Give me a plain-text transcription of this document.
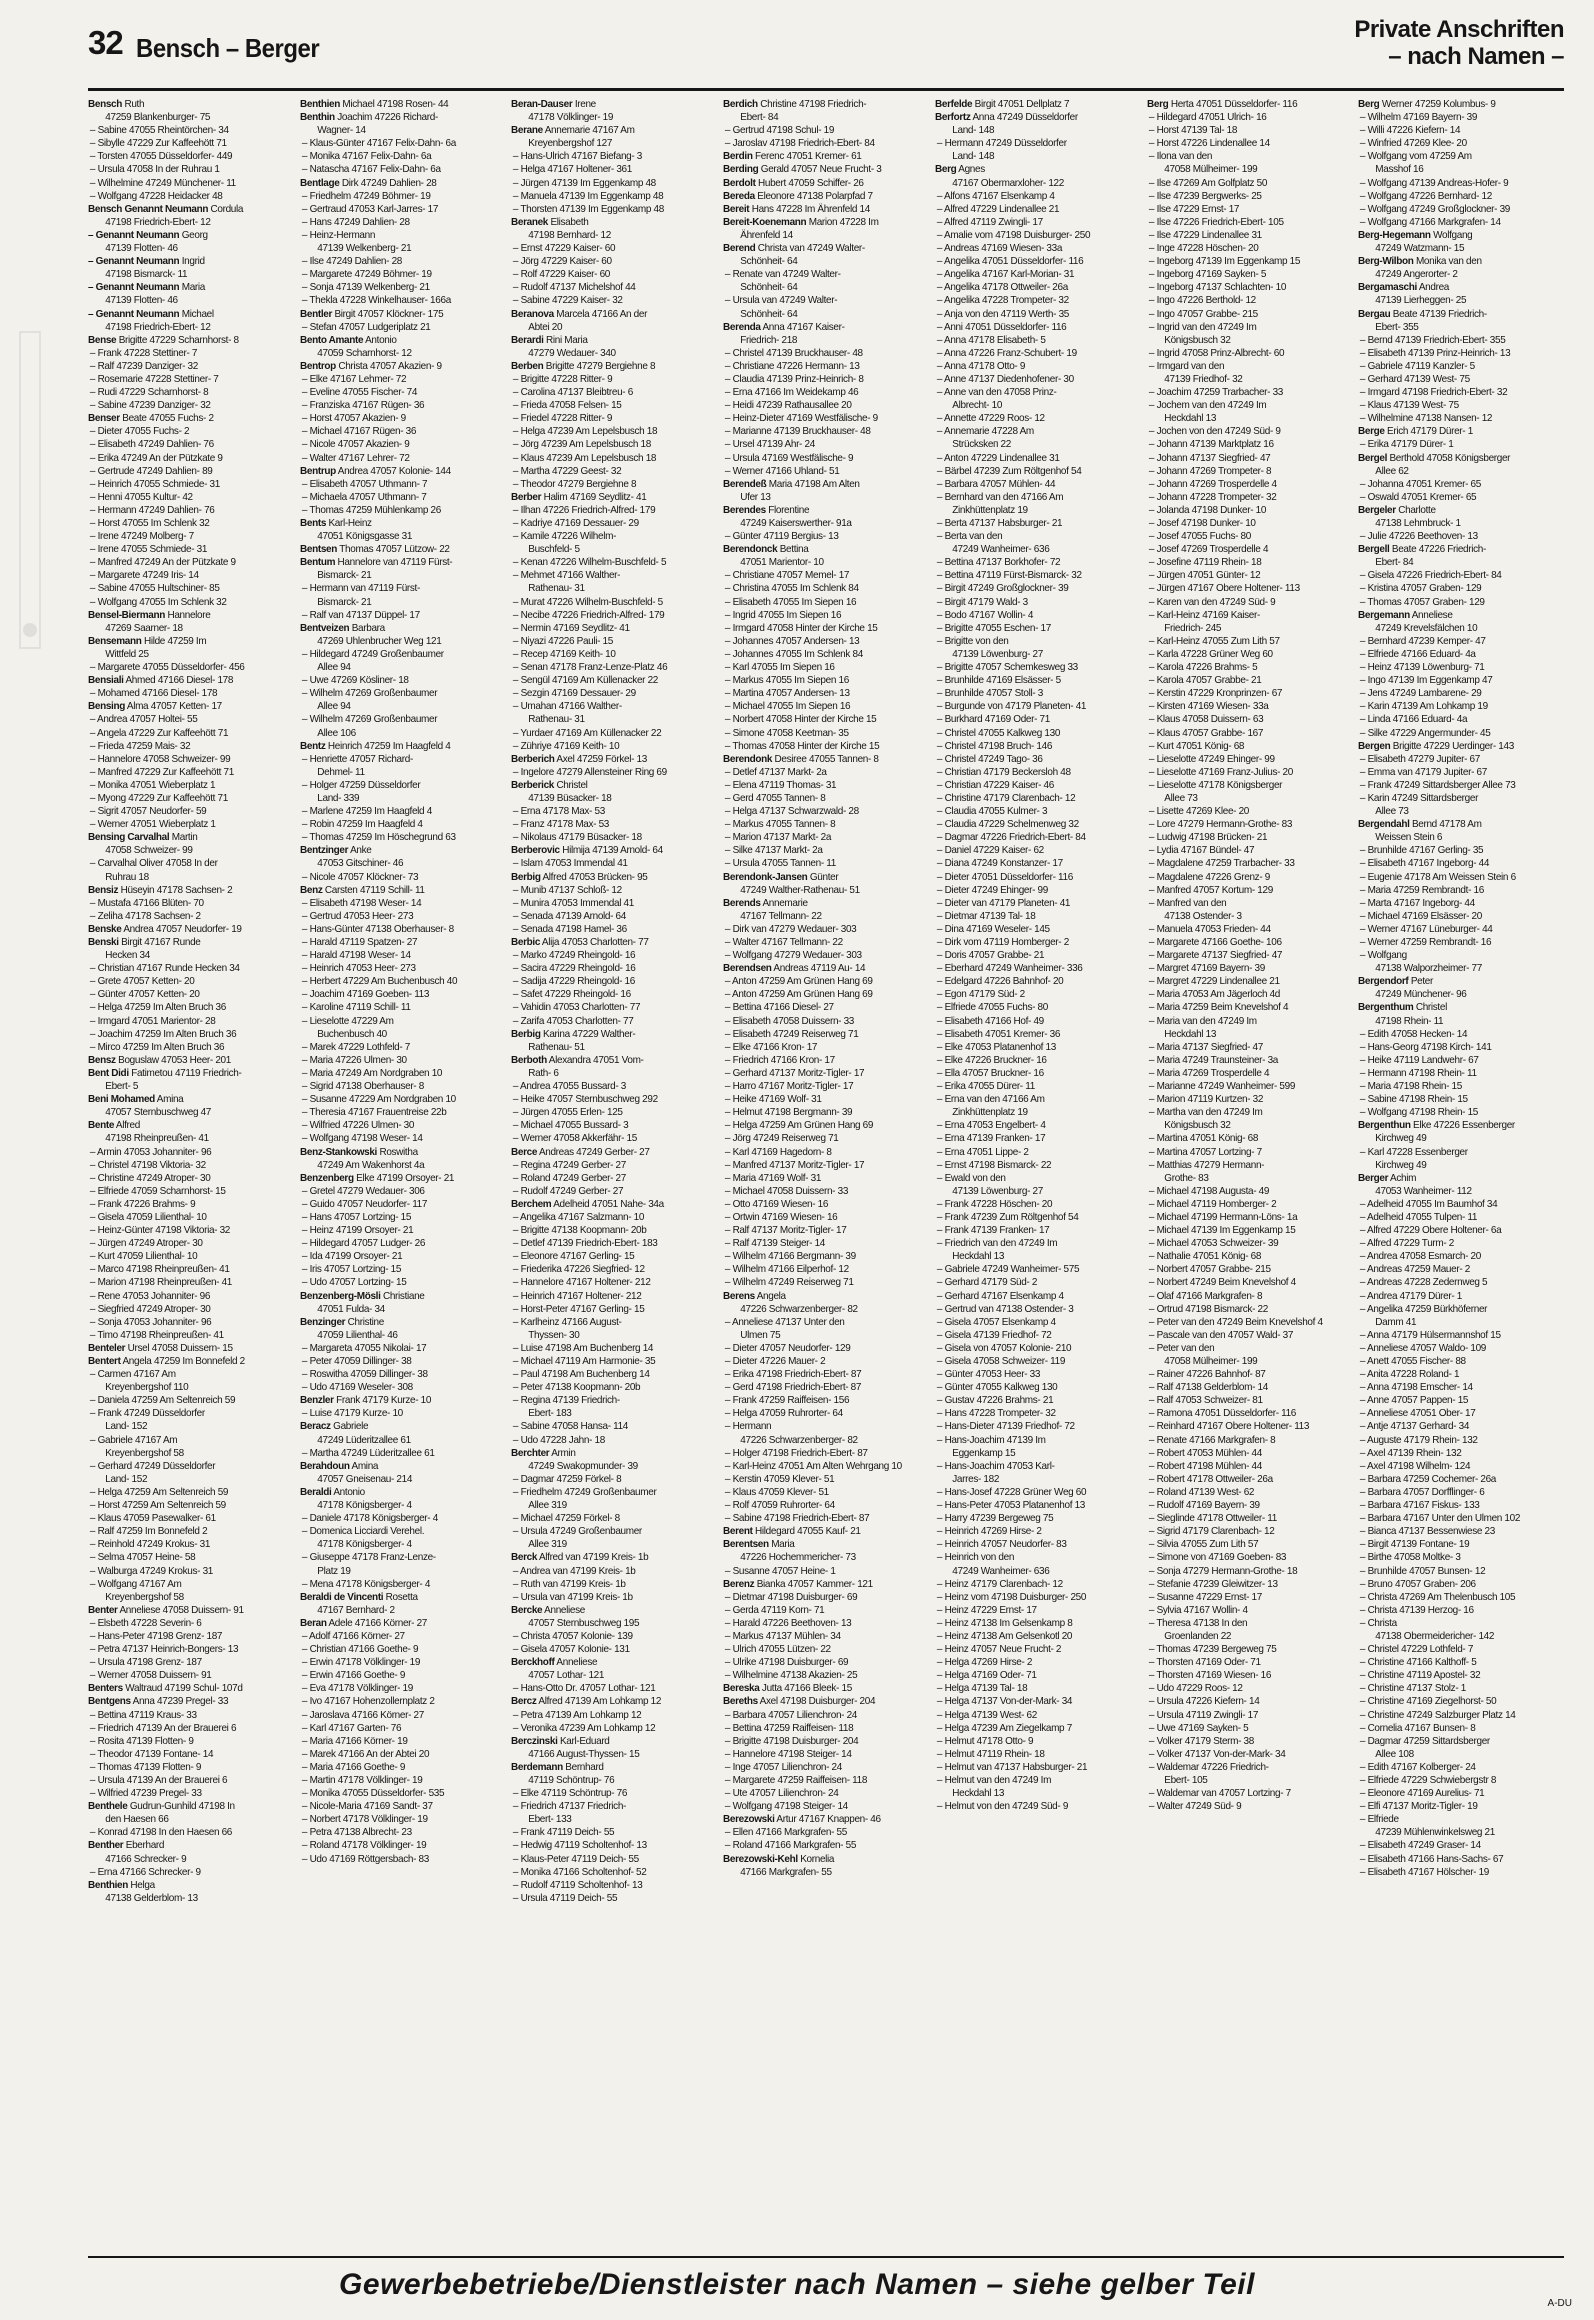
32 Bensch – Berger
Private Anschriften
– nach Namen –
Bensch Ruth
47259 Blankenburger- 75
– Sabine 47055 Rheintörchen- 34
– Sibylle 47229 Zur Kaffeehött 71
– Torsten 47055 Düsseldorfer- 449
– Ursula 47058 In der Ruhrau 1
– Wilhelmine 47249 Münchener- 11
– Wolfgang 47228 Heidacker 48
Bensch Genannt Neumann Cordula
47198 Friedrich-Ebert- 12
– Genannt Neumann Georg
47139 Flotten- 46
– Genannt Neumann Ingrid
47198 Bismarck- 11
– Genannt Neumann Maria
47139 Flotten- 46
– Genannt Neumann Michael
47198 Friedrich-Ebert- 12
Bense Brigitte 47229 Scharnhorst- 8
– Frank 47228 Stettiner- 7
– Ralf 47239 Danziger- 32
– Rosemarie 47228 Stettiner- 7
– Rudi 47229 Scharnhorst- 8
– Sabine 47239 Danziger- 32
Benser Beate 47055 Fuchs- 2
– Dieter 47055 Fuchs- 2
– Elisabeth 47249 Dahlien- 76
– Erika 47249 An der Pützkate 9
– Gertrude 47249 Dahlien- 89
– Heinrich 47055 Schmiede- 31
– Henni 47055 Kultur- 42
– Hermann 47249 Dahlien- 76
– Horst 47055 Im Schlenk 32
– Irene 47249 Molberg- 7
– Irene 47055 Schmiede- 31
– Manfred 47249 An der Pützkate 9
– Margarete 47249 Iris- 14
– Sabine 47055 Hultschiner- 85
– Wolfgang 47055 Im Schlenk 32
Bensel-Biermann Hannelore
47269 Saarner- 18
Bensemann Hilde 47259 Im
Wittfeld 25
– Margarete 47055 Düsseldorfer- 456
Bensiali Ahmed 47166 Diesel- 178
– Mohamed 47166 Diesel- 178
Bensing Alma 47057 Ketten- 17
– Andrea 47057 Holtei- 55
– Angela 47229 Zur Kaffeehött 71
– Frieda 47259 Mais- 32
– Hannelore 47058 Schweizer- 99
– Manfred 47229 Zur Kaffeehött 71
– Monika 47051 Wieberplatz 1
– Myong 47229 Zur Kaffeehött 71
– Sigrit 47057 Neudorfer- 59
– Werner 47051 Wieberplatz 1
Bensing Carvalhal Martin
47058 Schweizer- 99
– Carvalhal Oliver 47058 In der
Ruhrau 18
Bensiz Hüseyin 47178 Sachsen- 2
– Mustafa 47166 Blüten- 70
– Zeliha 47178 Sachsen- 2
Benske Andrea 47057 Neudorfer- 19
Benski Birgit 47167 Runde
Hecken 34
– Christian 47167 Runde Hecken 34
– Grete 47057 Ketten- 20
– Günter 47057 Ketten- 20
– Helga 47259 Im Alten Bruch 36
– Irmgard 47051 Marientor- 28
– Joachim 47259 Im Alten Bruch 36
– Mirco 47259 Im Alten Bruch 36
Bensz Boguslaw 47053 Heer- 201
Bent Didi Fatimetou 47119 Friedrich-
Ebert- 5
Beni Mohamed Amina
47057 Sternbuschweg 47
Bente Alfred
47198 Rheinpreußen- 41
– Armin 47053 Johanniter- 96
– Christel 47198 Viktoria- 32
– Christine 47249 Atroper- 30
– Elfriede 47059 Scharnhorst- 15
– Frank 47226 Brahms- 9
– Gisela 47059 Lilienthal- 10
– Heinz-Günter 47198 Viktoria- 32
– Jürgen 47249 Atroper- 30
– Kurt 47059 Lilienthal- 10
– Marco 47198 Rheinpreußen- 41
– Marion 47198 Rheinpreußen- 41
– Rene 47053 Johanniter- 96
– Siegfried 47249 Atroper- 30
– Sonja 47053 Johanniter- 96
– Timo 47198 Rheinpreußen- 41
Benteler Ursel 47058 Duissern- 15
Bentert Angela 47259 Im Bonnefeld 2
– Carmen 47167 Am
Kreyenbergshof 110
– Daniela 47259 Am Seltenreich 59
– Frank 47249 Düsseldorfer
Land- 152
– Gabriele 47167 Am
Kreyenbergshof 58
– Gerhard 47249 Düsseldorfer
Land- 152
– Helga 47259 Am Seltenreich 59
– Horst 47259 Am Seltenreich 59
– Klaus 47059 Pasewalker- 61
– Ralf 47259 Im Bonnefeld 2
– Reinhold 47249 Krokus- 31
– Selma 47057 Heine- 58
– Walburga 47249 Krokus- 31
– Wolfgang 47167 Am
Kreyenbergshof 58
Benter Anneliese 47058 Duissern- 91
– Elsbeth 47228 Severin- 6
– Hans-Peter 47198 Grenz- 187
– Petra 47137 Heinrich-Bongers- 13
– Ursula 47198 Grenz- 187
– Werner 47058 Duissern- 91
Benters Waltraud 47199 Schul- 107d
Bentgens Anna 47239 Pregel- 33
– Bettina 47119 Kraus- 33
– Friedrich 47139 An der Brauerei 6
– Rosita 47139 Flotten- 9
– Theodor 47139 Fontane- 14
– Thomas 47139 Flotten- 9
– Ursula 47139 An der Brauerei 6
– Wilfried 47239 Pregel- 33
Benthele Gudrun-Gunhild 47198 In
den Haesen 66
– Konrad 47198 In den Haesen 66
Benther Eberhard
47166 Schrecker- 9
– Erna 47166 Schrecker- 9
Benthien Helga
47138 Gelderblom- 13
Benthien Michael 47198 Rosen- 44
Benthin Joachim 47226 Richard-
Wagner- 14
– Klaus-Günter 47167 Felix-Dahn- 6a
– Monika 47167 Felix-Dahn- 6a
– Natascha 47167 Felix-Dahn- 6a
Bentlage Dirk 47249 Dahlien- 28
– Friedhelm 47249 Böhmer- 19
– Gertraud 47053 Karl-Jarres- 17
– Hans 47249 Dahlien- 28
– Heinz-Hermann
47139 Welkenberg- 21
– Ilse 47249 Dahlien- 28
– Margarete 47249 Böhmer- 19
– Sonja 47139 Welkenberg- 21
– Thekla 47228 Winkelhauser- 166a
Bentler Birgit 47057 Klöckner- 175
– Stefan 47057 Ludgeriplatz 21
Bento Amante Antonio
47059 Scharnhorst- 12
Bentrop Christa 47057 Akazien- 9
– Elke 47167 Lehmer- 72
– Eveline 47055 Fischer- 74
– Franziska 47167 Rügen- 36
– Horst 47057 Akazien- 9
– Michael 47167 Rügen- 36
– Nicole 47057 Akazien- 9
– Walter 47167 Lehrer- 72
Bentrup Andrea 47057 Kolonie- 144
– Elisabeth 47057 Uthmann- 7
– Michaela 47057 Uthmann- 7
– Thomas 47259 Mühlenkamp 26
Bents Karl-Heinz
47051 Königsgasse 31
Bentsen Thomas 47057 Lützow- 22
Bentum Hannelore van 47119 Fürst-
Bismarck- 21
– Hermann van 47119 Fürst-
Bismarck- 21
– Ralf van 47137 Düppel- 17
Bentveizen Barbara
47269 Uhlenbrucher Weg 121
– Hildegard 47249 Großenbaumer
Allee 94
– Uwe 47269 Kösliner- 18
– Wilhelm 47269 Großenbaumer
Allee 94
– Wilhelm 47269 Großenbaumer
Allee 106
Bentz Heinrich 47259 Im Haagfeld 4
– Henriette 47057 Richard-
Dehmel- 11
– Holger 47259 Düsseldorfer
Land- 339
– Marlene 47259 Im Haagfeld 4
– Robin 47259 Im Haagfeld 4
– Thomas 47259 Im Höschegrund 63
Bentzinger Anke
47053 Gitschiner- 46
– Nicole 47057 Klöckner- 73
Benz Carsten 47119 Schill- 11
– Elisabeth 47198 Weser- 14
– Gertrud 47053 Heer- 273
– Hans-Günter 47138 Oberhauser- 8
– Harald 47119 Spatzen- 27
– Harald 47198 Weser- 14
– Heinrich 47053 Heer- 273
– Herbert 47229 Am Buchenbusch 40
– Joachim 47169 Goeben- 113
– Karoline 47119 Schill- 11
– Lieselotte 47229 Am
Buchenbusch 40
– Marek 47229 Lothfeld- 7
– Maria 47226 Ulmen- 30
– Maria 47249 Am Nordgraben 10
– Sigrid 47138 Oberhauser- 8
– Susanne 47229 Am Nordgraben 10
– Theresia 47167 Frauentreise 22b
– Wilfried 47226 Ulmen- 30
– Wolfgang 47198 Weser- 14
Benz-Stankowski Roswitha
47249 Am Wakenhorst 4a
Benzenberg Elke 47199 Orsoyer- 21
– Gretel 47279 Wedauer- 306
– Guido 47057 Neudorfer- 117
– Hans 47057 Lortzing- 15
– Heinz 47199 Orsoyer- 21
– Hildegard 47057 Ludger- 26
– Ida 47199 Orsoyer- 21
– Iris 47057 Lortzing- 15
– Udo 47057 Lortzing- 15
Benzenberg-Mösli Christiane
47051 Fulda- 34
Benzinger Christine
47059 Lilienthal- 46
– Margareta 47055 Nikolai- 17
– Peter 47059 Dillinger- 38
– Roswitha 47059 Dillinger- 38
– Udo 47169 Weseler- 308
Benzler Frank 47179 Kurze- 10
– Luise 47179 Kurze- 10
Beracz Gabriele
47249 Lüderitzallee 61
– Martha 47249 Lüderitzallee 61
Berahdoun Amina
47057 Gneisenau- 214
Beraldi Antonio
47178 Königsberger- 4
– Daniele 47178 Königsberger- 4
– Domenica Licciardi Verehel.
47178 Königsberger- 4
– Giuseppe 47178 Franz-Lenze-
Platz 19
– Mena 47178 Königsberger- 4
Beraldi de Vincenti Rosetta
47167 Bernhard- 2
Beran Adele 47166 Körner- 27
– Adolf 47166 Körner- 27
– Christian 47166 Goethe- 9
– Erwin 47178 Völklinger- 19
– Erwin 47166 Goethe- 9
– Eva 47178 Völklinger- 19
– Ivo 47167 Hohenzollernplatz 2
– Jaroslava 47166 Körner- 27
– Karl 47167 Garten- 76
– Maria 47166 Körner- 19
– Marek 47166 An der Abtei 20
– Maria 47166 Goethe- 9
– Martin 47178 Völklinger- 19
– Monika 47055 Düsseldorfer- 535
– Nicole-Maria 47169 Sandt- 37
– Norbert 47178 Völklinger- 19
– Petra 47138 Albrecht- 23
– Roland 47178 Völklinger- 19
– Udo 47169 Röttgersbach- 83
Beran-Dauser Irene
47178 Völklinger- 19
Berane Annemarie 47167 Am
Kreyenbergshof 127
– Hans-Ulrich 47167 Biefang- 3
– Helga 47167 Holtener- 361
– Jürgen 47139 Im Eggenkamp 48
– Manuela 47139 Im Eggenkamp 48
– Thorsten 47139 Im Eggenkamp 48
Beranek Elisabeth
47198 Bernhard- 12
– Ernst 47229 Kaiser- 60
– Jörg 47229 Kaiser- 60
– Rolf 47229 Kaiser- 60
– Rudolf 47137 Michelshof 44
– Sabine 47229 Kaiser- 32
Beranova Marcela 47166 An der
Abtei 20
Berardi Rini Maria
47279 Wedauer- 340
Berben Brigitte 47279 Bergiehne 8
– Brigitte 47228 Ritter- 9
– Carolina 47137 Bleibtreu- 6
– Frieda 47058 Felsen- 15
– Friedel 47228 Ritter- 9
– Helga 47239 Am Lepelsbusch 18
– Jörg 47239 Am Lepelsbusch 18
– Klaus 47239 Am Lepelsbusch 18
– Martha 47229 Geest- 32
– Theodor 47279 Bergiehne 8
Berber Halim 47169 Seydlitz- 41
– Ilhan 47226 Friedrich-Alfred- 179
– Kadriye 47169 Dessauer- 29
– Kamile 47226 Wilhelm-
Buschfeld- 5
– Kenan 47226 Wilhelm-Buschfeld- 5
– Mehmet 47166 Walther-
Rathenau- 31
– Murat 47226 Wilhelm-Buschfeld- 5
– Necibe 47226 Friedrich-Alfred- 179
– Nermin 47169 Seydlitz- 41
– Niyazi 47226 Pauli- 15
– Recep 47169 Keith- 10
– Senan 47178 Franz-Lenze-Platz 46
– Sengül 47169 Am Küllenacker 22
– Sezgin 47169 Dessauer- 29
– Umahan 47166 Walther-
Rathenau- 31
– Yurdaer 47169 Am Küllenacker 22
– Zühriye 47169 Keith- 10
Berberich Axel 47259 Förkel- 13
– Ingelore 47279 Allensteiner Ring 69
Berberick Christel
47139 Büsacker- 18
– Erna 47178 Max- 53
– Franz 47178 Max- 53
– Nikolaus 47179 Büsacker- 18
Berberovic Hilmija 47139 Arnold- 64
– Islam 47053 Immendal 41
Berbig Alfred 47053 Brücken- 95
– Munib 47137 Schloß- 12
– Munira 47053 Immendal 41
– Senada 47139 Arnold- 64
– Senada 47198 Hamel- 36
Berbic Alija 47053 Charlotten- 77
– Marko 47249 Rheingold- 16
– Sacira 47229 Rheingold- 16
– Sadija 47229 Rheingold- 16
– Safet 47229 Rheingold- 16
– Vahidin 47053 Charlotten- 77
– Zarifa 47053 Charlotten- 77
Berbig Karina 47229 Walther-
Rathenau- 51
Berboth Alexandra 47051 Vom-
Rath- 6
– Andrea 47055 Bussard- 3
– Heike 47057 Sternbuschweg 292
– Jürgen 47055 Erlen- 125
– Michael 47055 Bussard- 3
– Werner 47058 Akkerfähr- 15
Berce Andreas 47249 Gerber- 27
– Regina 47249 Gerber- 27
– Roland 47249 Gerber- 27
– Rudolf 47249 Gerber- 27
Berchem Adelheid 47051 Nahe- 34a
– Angelika 47167 Salzmann- 10
– Brigitte 47138 Koopmann- 20b
– Detlef 47139 Friedrich-Ebert- 183
– Eleonore 47167 Gerling- 15
– Friederika 47226 Siegfried- 12
– Hannelore 47167 Holtener- 212
– Heinrich 47167 Holtener- 212
– Horst-Peter 47167 Gerling- 15
– Karlheinz 47166 August-
Thyssen- 30
– Luise 47198 Am Buchenberg 14
– Michael 47119 Am Harmonie- 35
– Paul 47198 Am Buchenberg 14
– Peter 47138 Koopmann- 20b
– Regina 47139 Friedrich-
Ebert- 183
– Sabine 47058 Hansa- 114
– Udo 47228 Jahn- 18
Berchter Armin
47249 Swakopmunder- 39
– Dagmar 47259 Förkel- 8
– Friedhelm 47249 Großenbaumer
Allee 319
– Michael 47259 Förkel- 8
– Ursula 47249 Großenbaumer
Allee 319
Berck Alfred van 47199 Kreis- 1b
– Andrea van 47199 Kreis- 1b
– Ruth van 47199 Kreis- 1b
– Ursula van 47199 Kreis- 1b
Bercke Anneliese
47057 Sternbuschweg 195
– Christa 47057 Kolonie- 139
– Gisela 47057 Kolonie- 131
Berckhoff Anneliese
47057 Lothar- 121
– Hans-Otto Dr. 47057 Lothar- 121
Bercz Alfred 47139 Am Lohkamp 12
– Petra 47139 Am Lohkamp 12
– Veronika 47239 Am Lohkamp 12
Berczinski Karl-Eduard
47166 August-Thyssen- 15
Berdemann Bernhard
47119 Schöntrup- 76
– Elke 47119 Schöntrup- 76
– Friedrich 47137 Friedrich-
Ebert- 133
– Frank 47119 Deich- 55
– Hedwig 47119 Scholtenhof- 13
– Klaus-Peter 47119 Deich- 55
– Monika 47166 Scholtenhof- 52
– Rudolf 47119 Scholtenhof- 13
– Ursula 47119 Deich- 55
Berdich Christine 47198 Friedrich-
Ebert- 84
– Gertrud 47198 Schul- 19
– Jaroslav 47198 Friedrich-Ebert- 84
Berdin Ferenc 47051 Kremer- 61
Berding Gerald 47057 Neue Frucht- 3
Berdolt Hubert 47059 Schiffer- 26
Bereda Eleonore 47138 Polarpfad 7
Bereit Hans 47228 Im Ährenfeld 14
Bereit-Koenemann Marion 47228 Im
Ährenfeld 14
Berend Christa van 47249 Walter-
Schönheit- 64
– Renate van 47249 Walter-
Schönheit- 64
– Ursula van 47249 Walter-
Schönheit- 64
Berenda Anna 47167 Kaiser-
Friedrich- 218
– Christel 47139 Bruckhauser- 48
– Christiane 47226 Hermann- 13
– Claudia 47139 Prinz-Heinrich- 8
– Erna 47166 Im Weidekamp 46
– Heidi 47239 Rathausallee 20
– Heinz-Dieter 47169 Westfälische- 9
– Marianne 47139 Bruckhauser- 48
– Ursel 47139 Ahr- 24
– Ursula 47169 Westfälische- 9
– Werner 47166 Uhland- 51
Berendeß Maria 47198 Am Alten
Ufer 13
Berendes Florentine
47249 Kaiserswerther- 91a
– Günter 47119 Bergius- 13
Berendonck Bettina
47051 Marientor- 10
– Christiane 47057 Memel- 17
– Christina 47055 Im Schlenk 84
– Elisabeth 47055 Im Siepen 16
– Ingrid 47055 Im Siepen 16
– Irmgard 47058 Hinter der Kirche 15
– Johannes 47057 Andersen- 13
– Johannes 47055 Im Schlenk 84
– Karl 47055 Im Siepen 16
– Markus 47055 Im Siepen 16
– Martina 47057 Andersen- 13
– Michael 47055 Im Siepen 16
– Norbert 47058 Hinter der Kirche 15
– Simone 47058 Keetman- 35
– Thomas 47058 Hinter der Kirche 15
Berendonk Desiree 47055 Tannen- 8
– Detlef 47137 Markt- 2a
– Elena 47119 Thomas- 31
– Gerd 47055 Tannen- 8
– Helga 47137 Schwarzwald- 28
– Markus 47055 Tannen- 8
– Marion 47137 Markt- 2a
– Silke 47137 Markt- 2a
– Ursula 47055 Tannen- 11
Berendonk-Jansen Günter
47249 Walther-Rathenau- 51
Berends Annemarie
47167 Tellmann- 22
– Dirk van 47279 Wedauer- 303
– Walter 47167 Tellmann- 22
– Wolfgang 47279 Wedauer- 303
Berendsen Andreas 47119 Au- 14
– Anton 47259 Am Grünen Hang 69
– Anton 47259 Am Grünen Hang 69
– Bettina 47166 Diesel- 27
– Elisabeth 47058 Duissern- 33
– Elisabeth 47249 Reiserweg 71
– Elke 47166 Kron- 17
– Friedrich 47166 Kron- 17
– Gerhard 47137 Moritz-Tigler- 17
– Harro 47167 Moritz-Tigler- 17
– Heike 47169 Wolf- 31
– Helmut 47198 Bergmann- 39
– Helga 47259 Am Grünen Hang 69
– Jörg 47249 Reiserweg 71
– Karl 47169 Hagedorn- 8
– Manfred 47137 Moritz-Tigler- 17
– Maria 47169 Wolf- 31
– Michael 47058 Duissern- 33
– Otto 47169 Wiesen- 16
– Ortwin 47169 Wiesen- 16
– Ralf 47137 Moritz-Tigler- 17
– Ralf 47139 Steiger- 14
– Wilhelm 47166 Bergmann- 39
– Wilhelm 47166 Eilperhof- 12
– Wilhelm 47249 Reiserweg 71
Berens Angela
47226 Schwarzenberger- 82
– Anneliese 47137 Unter den
Ulmen 75
– Dieter 47057 Neudorfer- 129
– Dieter 47226 Mauer- 2
– Erika 47198 Friedrich-Ebert- 87
– Gerd 47198 Friedrich-Ebert- 87
– Frank 47259 Raiffeisen- 156
– Helga 47059 Ruhrorter- 64
– Hermann
47226 Schwarzenberger- 82
– Holger 47198 Friedrich-Ebert- 87
– Karl-Heinz 47051 Am Alten Wehrgang 10
– Kerstin 47059 Klever- 51
– Klaus 47059 Klever- 51
– Rolf 47059 Ruhrorter- 64
– Sabine 47198 Friedrich-Ebert- 87
Berent Hildegard 47055 Kauf- 21
Berentsen Maria
47226 Hochemmericher- 73
– Susanne 47057 Heine- 1
Berenz Bianka 47057 Kammer- 121
– Dietmar 47198 Duisburger- 69
– Gerda 47119 Korn- 71
– Harald 47226 Beethoven- 13
– Markus 47137 Mühlen- 34
– Ulrich 47055 Lützen- 22
– Ulrike 47198 Duisburger- 69
– Wilhelmine 47138 Akazien- 25
Bereska Jutta 47166 Bleek- 15
Bereths Axel 47198 Duisburger- 204
– Barbara 47057 Lilienchron- 24
– Bettina 47259 Raiffeisen- 118
– Brigitte 47198 Duisburger- 204
– Hannelore 47198 Steiger- 14
– Inge 47057 Lilienchron- 24
– Margarete 47259 Raiffeisen- 118
– Ute 47057 Lilienchron- 24
– Wolfgang 47198 Steiger- 14
Berezowski Artur 47167 Knappen- 46
– Ellen 47166 Markgrafen- 55
– Roland 47166 Markgrafen- 55
Berezowski-Kehl Kornelia
47166 Markgrafen- 55
Berfelde Birgit 47051 Dellplatz 7
Berfortz Anna 47249 Düsseldorfer
Land- 148
– Hermann 47249 Düsseldorfer
Land- 148
Berg Agnes
47167 Obermarxloher- 122
– Alfons 47167 Elsenkamp 4
– Alfred 47229 Lindenallee 21
– Alfred 47119 Zwingli- 17
– Amalie vom 47198 Duisburger- 250
– Andreas 47169 Wiesen- 33a
– Angelika 47051 Düsseldorfer- 116
– Angelika 47167 Karl-Morian- 31
– Angelika 47178 Ottweiler- 26a
– Angelika 47228 Trompeter- 32
– Anja von den 47119 Werth- 35
– Anni 47051 Düsseldorfer- 116
– Anna 47178 Elisabeth- 5
– Anna 47226 Franz-Schubert- 19
– Anna 47178 Otto- 9
– Anne 47137 Diedenhofener- 30
– Anne van den 47058 Prinz-
Albrecht- 10
– Annette 47229 Roos- 12
– Annemarie 47228 Am
Strückskeп 22
– Anton 47229 Lindenallee 31
– Bärbel 47239 Zum Röltgenhof 54
– Barbara 47057 Mühlen- 44
– Bernhard van den 47166 Am
Zinkhüttenplatz 19
– Berta 47137 Habsburger- 21
– Berta van den
47249 Wanheimer- 636
– Bettina 47137 Borkhofer- 72
– Bettina 47119 Fürst-Bismarck- 32
– Birgit 47249 Großglockner- 39
– Birgit 47179 Wald- 3
– Bodo 47167 Wollin- 4
– Brigitte 47055 Eschen- 17
– Brigitte von den
47139 Löwenburg- 27
– Brigitte 47057 Schemkesweg 33
– Brunhilde 47169 Elsässer- 5
– Brunhilde 47057 Stoll- 3
– Burgunde von 47179 Planeten- 41
– Burkhard 47169 Oder- 71
– Christel 47055 Kalkweg 130
– Christel 47198 Bruch- 146
– Christel 47249 Tago- 36
– Christian 47179 Beckersloh 48
– Christian 47229 Kaiser- 46
– Christine 47179 Clarenbach- 12
– Claudia 47055 Kulmer- 3
– Claudia 47229 Schelmenweg 32
– Dagmar 47226 Friedrich-Ebert- 84
– Daniel 47229 Kaiser- 62
– Diana 47249 Konstanzer- 17
– Dieter 47051 Düsseldorfer- 116
– Dieter 47249 Ehinger- 99
– Dieter van 47179 Planeten- 41
– Dietmar 47139 Tal- 18
– Dina 47169 Weseler- 145
– Dirk vom 47119 Homberger- 2
– Doris 47057 Grabbe- 21
– Eberhard 47249 Wanheimer- 336
– Edelgard 47226 Bahnhof- 20
– Egon 47179 Süd- 2
– Elfriede 47055 Fuchs- 80
– Elisabeth 47166 Hof- 49
– Elisabeth 47051 Kremer- 36
– Elke 47053 Platanenhof 13
– Elke 47226 Bruckner- 16
– Ella 47057 Bruckner- 16
– Erika 47055 Dürer- 11
– Erna van den 47166 Am
Zinkhüttenplatz 19
– Erna 47053 Engelbert- 4
– Erna 47139 Franken- 17
– Erna 47051 Lippe- 2
– Ernst 47198 Bismarck- 22
– Ewald von den
47139 Löwenburg- 27
– Frank 47228 Höschen- 20
– Frank 47239 Zum Röltgenhof 54
– Frank 47139 Franken- 17
– Friedrich van den 47249 Im
Heckdahl 13
– Gabriele 47249 Wanheimer- 575
– Gerhard 47179 Süd- 2
– Gerhard 47167 Elsenkamp 4
– Gertrud van 47138 Ostender- 3
– Gisela 47057 Elsenkamp 4
– Gisela 47139 Friedhof- 72
– Gisela von 47057 Kolonie- 210
– Gisela 47058 Schweizer- 119
– Günter 47053 Heer- 33
– Günter 47055 Kalkweg 130
– Gustav 47226 Brahms- 21
– Hans 47228 Trompeter- 32
– Hans-Dieter 47139 Friedhof- 72
– Hans-Joachim 47139 Im
Eggenkamp 15
– Hans-Joachim 47053 Karl-
Jarres- 182
– Hans-Josef 47228 Grüner Weg 60
– Hans-Peter 47053 Platanenhof 13
– Harry 47239 Bergeweg 75
– Heinrich 47269 Hirse- 2
– Heinrich 47057 Neudorfer- 83
– Heinrich von den
47249 Wanheimer- 636
– Heinz 47179 Clarenbach- 12
– Heinz vom 47198 Duisburger- 250
– Heinz 47229 Ernst- 17
– Heinz 47138 Im Gelsenkamp 8
– Heinz 47138 Am Gelsenkotl 20
– Heinz 47057 Neue Frucht- 2
– Helga 47269 Hirse- 2
– Helga 47169 Oder- 71
– Helga 47139 Tal- 18
– Helga 47137 Von-der-Mark- 34
– Helga 47139 West- 62
– Helga 47239 Am Ziegelkamp 7
– Helmut 47178 Otto- 9
– Helmut 47119 Rhein- 18
– Helmut van 47137 Habsburger- 21
– Helmut van den 47249 Im
Heckdahl 13
– Helmut von den 47249 Süd- 9
Berg Herta 47051 Düsseldorfer- 116
– Hildegard 47051 Ulrich- 16
– Horst 47139 Tal- 18
– Horst 47226 Lindenallee 14
– Ilona van den
47058 Mülheimer- 199
– Ilse 47269 Am Golfplatz 50
– Ilse 47239 Bergwerks- 25
– Ilse 47229 Ernst- 17
– Ilse 47226 Friedrich-Ebert- 105
– Ilse 47229 Lindenallee 31
– Inge 47228 Höschen- 20
– Ingeborg 47139 Im Eggenkamp 15
– Ingeborg 47169 Sayken- 5
– Ingeborg 47137 Schlachten- 10
– Ingo 47226 Berthold- 12
– Ingo 47057 Grabbe- 215
– Ingrid van den 47249 Im
Königsbusch 32
– Ingrid 47058 Prinz-Albrecht- 60
– Irmgard van den
47139 Friedhof- 32
– Joachim 47259 Trarbacher- 33
– Jochem van den 47249 Im
Heckdahl 13
– Jochen von den 47249 Süd- 9
– Johann 47139 Marktplatz 16
– Johann 47137 Siegfried- 47
– Johann 47269 Trompeter- 8
– Johann 47269 Trosperdelle 4
– Johann 47228 Trompeter- 32
– Jolanda 47198 Dunker- 10
– Josef 47198 Dunker- 10
– Josef 47055 Fuchs- 80
– Josef 47269 Trosperdelle 4
– Josefine 47119 Rhein- 18
– Jürgen 47051 Günter- 12
– Jürgen 47167 Obere Holtener- 113
– Karen van den 47249 Süd- 9
– Karl-Heinz 47169 Kaiser-
Friedrich- 245
– Karl-Heinz 47055 Zum Lith 57
– Karla 47228 Grüner Weg 60
– Karola 47226 Brahms- 5
– Karola 47057 Grabbe- 21
– Kerstin 47229 Kronprinzen- 67
– Kirsten 47169 Wiesen- 33a
– Klaus 47058 Duissern- 63
– Klaus 47057 Grabbe- 167
– Kurt 47051 König- 68
– Lieselotte 47249 Ehinger- 99
– Lieselotte 47169 Franz-Julius- 20
– Lieselotte 47178 Königsberger
Allee 73
– Lisette 47269 Klee- 20
– Lore 47279 Hermann-Grothe- 83
– Ludwig 47198 Brücken- 21
– Lydia 47167 Bündel- 47
– Magdalene 47259 Trarbacher- 33
– Magdalene 47226 Grenz- 9
– Manfred 47057 Kortum- 129
– Manfred van den
47138 Ostender- 3
– Manuela 47053 Frieden- 44
– Margarete 47166 Goethe- 106
– Margarete 47137 Siegfried- 47
– Margret 47169 Bayern- 39
– Margret 47229 Lindenallee 21
– Maria 47053 Am Jägerloch 4d
– Maria 47259 Beim Knevelshof 4
– Maria van den 47249 Im
Heckdahl 13
– Maria 47137 Siegfried- 47
– Maria 47249 Traunsteiner- 3a
– Maria 47269 Trosperdelle 4
– Marianne 47249 Wanheimer- 599
– Marion 47119 Kurtzen- 32
– Martha van den 47249 Im
Königsbusch 32
– Martina 47051 König- 68
– Martina 47057 Lortzing- 7
– Matthias 47279 Hermann-
Grothe- 83
– Michael 47198 Augusta- 49
– Michael 47119 Homberger- 2
– Michael 47199 Hermann-Löns- 1a
– Michael 47139 Im Eggenkamp 15
– Michael 47053 Schweizer- 39
– Nathalie 47051 König- 68
– Norbert 47057 Grabbe- 215
– Norbert 47249 Beim Knevelshof 4
– Olaf 47166 Markgrafen- 8
– Ortrud 47198 Bismarck- 22
– Peter van den 47249 Beim Knevelshof 4
– Pascale van den 47057 Wald- 37
– Peter van den
47058 Mülheimer- 199
– Rainer 47226 Bahnhof- 87
– Ralf 47138 Gelderblom- 14
– Ralf 47053 Schweizer- 81
– Ramona 47051 Düsseldorfer- 116
– Reinhard 47167 Obere Holtener- 113
– Renate 47166 Markgrafen- 8
– Robert 47053 Mühlen- 44
– Robert 47198 Mühlen- 44
– Robert 47178 Ottweiler- 26a
– Roland 47139 West- 62
– Rudolf 47169 Bayern- 39
– Sieglinde 47178 Ottweiler- 11
– Sigrid 47179 Clarenbach- 12
– Silvia 47055 Zum Lith 57
– Simone von 47169 Goeben- 83
– Sonja 47279 Hermann-Grothe- 18
– Stefanie 47239 Gleiwitzer- 13
– Susanne 47229 Ernst- 17
– Sylvia 47167 Wollin- 4
– Theresa 47138 In den
Groenlanden 22
– Thomas 47239 Bergeweg 75
– Thorsten 47169 Oder- 71
– Thorsten 47169 Wiesen- 16
– Udo 47229 Roos- 12
– Ursula 47226 Kiefern- 14
– Ursula 47119 Zwingli- 17
– Uwe 47169 Sayken- 5
– Volker 47179 Sterm- 38
– Volker 47137 Von-der-Mark- 34
– Waldemar 47226 Friedrich-
Ebert- 105
– Waldemar van 47057 Lortzing- 7
– Walter 47249 Süd- 9
Berg Werner 47259 Kolumbus- 9
– Wilhelm 47169 Bayern- 39
– Willi 47226 Kiefern- 14
– Winfried 47269 Klee- 20
– Wolfgang vom 47259 Am
Masshof 16
– Wolfgang 47139 Andreas-Hofer- 9
– Wolfgang 47226 Bernhard- 12
– Wolfgang 47249 Großglockner- 39
– Wolfgang 47166 Markgrafen- 14
Berg-Hegemann Wolfgang
47249 Watzmann- 15
Berg-Wilbon Monika van den
47249 Angerorter- 2
Bergamaschi Andrea
47139 Lierheggen- 25
Bergau Beate 47139 Friedrich-
Ebert- 355
– Bernd 47139 Friedrich-Ebert- 355
– Elisabeth 47139 Prinz-Heinrich- 13
– Gabriele 47119 Kanzler- 5
– Gerhard 47139 West- 75
– Irmgard 47198 Friedrich-Ebert- 32
– Klaus 47139 West- 75
– Wilhelmine 47138 Nansen- 12
Berge Erich 47179 Dürer- 1
– Erika 47179 Dürer- 1
Bergel Berthold 47058 Königsberger
Allee 62
– Johanna 47051 Kremer- 65
– Oswald 47051 Kremer- 65
Bergeler Charlotte
47138 Lehmbruck- 1
– Julie 47226 Beethoven- 13
Bergell Beate 47226 Friedrich-
Ebert- 84
– Gisela 47226 Friedrich-Ebert- 84
– Kristina 47057 Graben- 129
– Thomas 47057 Graben- 129
Bergemann Anneliese
47249 Krevelsfälchen 10
– Bernhard 47239 Kemper- 47
– Elfriede 47166 Eduard- 4a
– Heinz 47139 Löwenburg- 71
– Ingo 47139 Im Eggenkamp 47
– Jens 47249 Lambarene- 29
– Karin 47139 Am Lohkamp 19
– Linda 47166 Eduard- 4a
– Silke 47229 Angermunder- 45
Bergen Brigitte 47229 Uerdinger- 143
– Elisabeth 47279 Jupiter- 67
– Emma van 47179 Jupiter- 67
– Frank 47249 Sittardsberger Allee 73
– Karin 47249 Sittardsberger
Allee 73
Bergendahl Bernd 47178 Am
Weissen Stein 6
– Brunhilde 47167 Gerling- 35
– Elisabeth 47167 Ingeborg- 44
– Eugenie 47178 Am Weissen Stein 6
– Maria 47259 Rembrandt- 16
– Marta 47167 Ingeborg- 44
– Michael 47169 Elsässer- 20
– Werner 47167 Lüneburger- 44
– Werner 47259 Rembrandt- 16
– Wolfgang
47138 Walporzheimer- 77
Bergendorf Peter
47249 Münchener- 96
Bergenthum Christel
47198 Rhein- 11
– Edith 47058 Hecken- 14
– Hans-Georg 47198 Kirch- 141
– Heike 47119 Landwehr- 67
– Hermann 47198 Rhein- 11
– Maria 47198 Rhein- 15
– Sabine 47198 Rhein- 15
– Wolfgang 47198 Rhein- 15
Bergenthun Elke 47226 Essenberger
Kirchweg 49
– Karl 47228 Essenberger
Kirchweg 49
Berger Achim
47053 Wanheimer- 112
– Adelheid 47055 Im Baumhof 34
– Adelheid 47055 Tulpen- 11
– Alfred 47229 Obere Holtener- 6a
– Alfred 47229 Turm- 2
– Andrea 47058 Esmarch- 20
– Andreas 47259 Mauer- 2
– Andreas 47228 Zedernweg 5
– Andrea 47179 Dürer- 1
– Angelika 47259 Bürkhöferner
Damm 41
– Anna 47179 Hülsermannshof 15
– Anneliese 47057 Waldo- 109
– Anett 47055 Fischer- 88
– Anita 47228 Roland- 1
– Anna 47198 Emscher- 14
– Anne 47057 Pappen- 15
– Anneliese 47051 Ober- 17
– Antje 47137 Gerhard- 34
– Auguste 47179 Rhein- 132
– Axel 47139 Rhein- 132
– Axel 47198 Wilhelm- 124
– Barbara 47259 Cochemer- 26a
– Barbara 47057 Dorfflinger- 6
– Barbara 47167 Fiskus- 133
– Barbara 47167 Unter den Ulmen 102
– Bianca 47137 Bessenwiese 23
– Birgit 47139 Fontane- 19
– Birthe 47058 Moltke- 3
– Brunhilde 47057 Bunsen- 12
– Bruno 47057 Graben- 206
– Christa 47269 Am Thelenbusch 105
– Christa 47139 Herzog- 16
– Christa
47138 Obermeidericher- 142
– Christel 47229 Lothfeld- 7
– Christine 47166 Kalthoff- 5
– Christine 47119 Apostel- 32
– Christine 47137 Stolz- 1
– Christine 47169 Ziegelhorst- 50
– Christine 47249 Salzburger Platz 14
– Cornelia 47167 Bunsen- 8
– Dagmar 47259 Sittardsberger
Allee 108
– Edith 47167 Kolberger- 24
– Elfriede 47229 Schwiebergstr 8
– Eleonore 47169 Aurelius- 71
– Elfi 47137 Moritz-Tigler- 19
– Elfriede
47239 Mühlenwinkelsweg 21
– Elisabeth 47249 Graser- 14
– Elisabeth 47166 Hans-Sachs- 67
– Elisabeth 47167 Hölscher- 19
Gewerbebetriebe/Dienstleister nach Namen – siehe gelber Teil
A-DU
